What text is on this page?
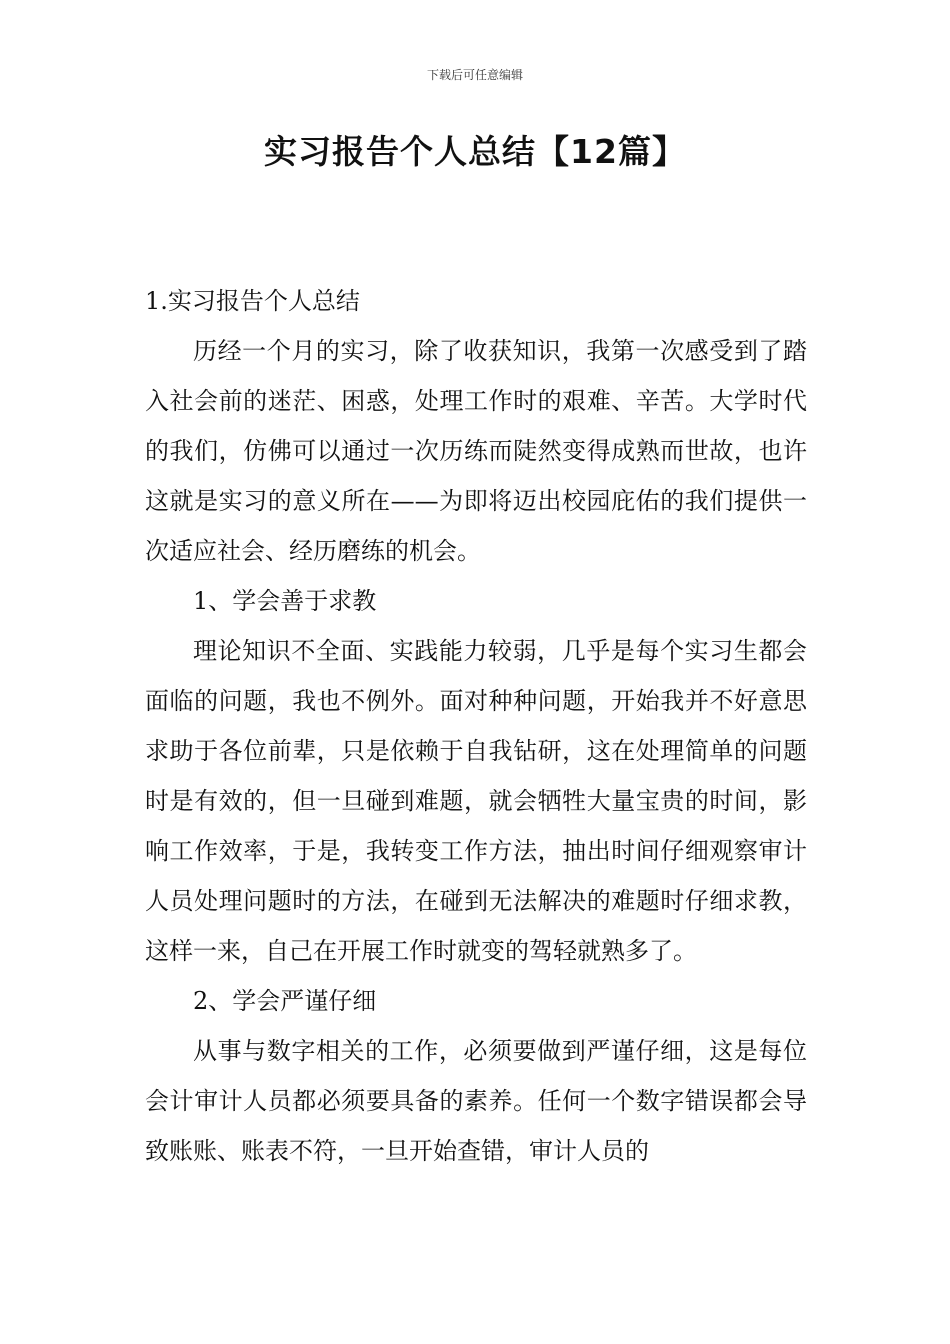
下载后可任意编辑
实习报告个人总结【12篇】
1.实习报告个人总结

历经一个月的实习，除了收获知识，我第一次感受到了踏入社会前的迷茫、困惑，处理工作时的艰难、辛苦。大学时代的我们，仿佛可以通过一次历练而陡然变得成熟而世故，也许这就是实习的意义所在——为即将迈出校园庇佑的我们提供一次适应社会、经历磨练的机会。

1、学会善于求教

理论知识不全面、实践能力较弱，几乎是每个实习生都会面临的问题，我也不例外。面对种种问题，开始我并不好意思求助于各位前辈，只是依赖于自我钻研，这在处理简单的问题时是有效的，但一旦碰到难题，就会牺牲大量宝贵的时间，影响工作效率，于是，我转变工作方法，抽出时间仔细观察审计人员处理问题时的方法，在碰到无法解决的难题时仔细求教，这样一来，自己在开展工作时就变的驾轻就熟多了。

2、学会严谨仔细

从事与数字相关的工作，必须要做到严谨仔细，这是每位会计审计人员都必须要具备的素养。任何一个数字错误都会导致账账、账表不符，一旦开始查错，审计人员的
